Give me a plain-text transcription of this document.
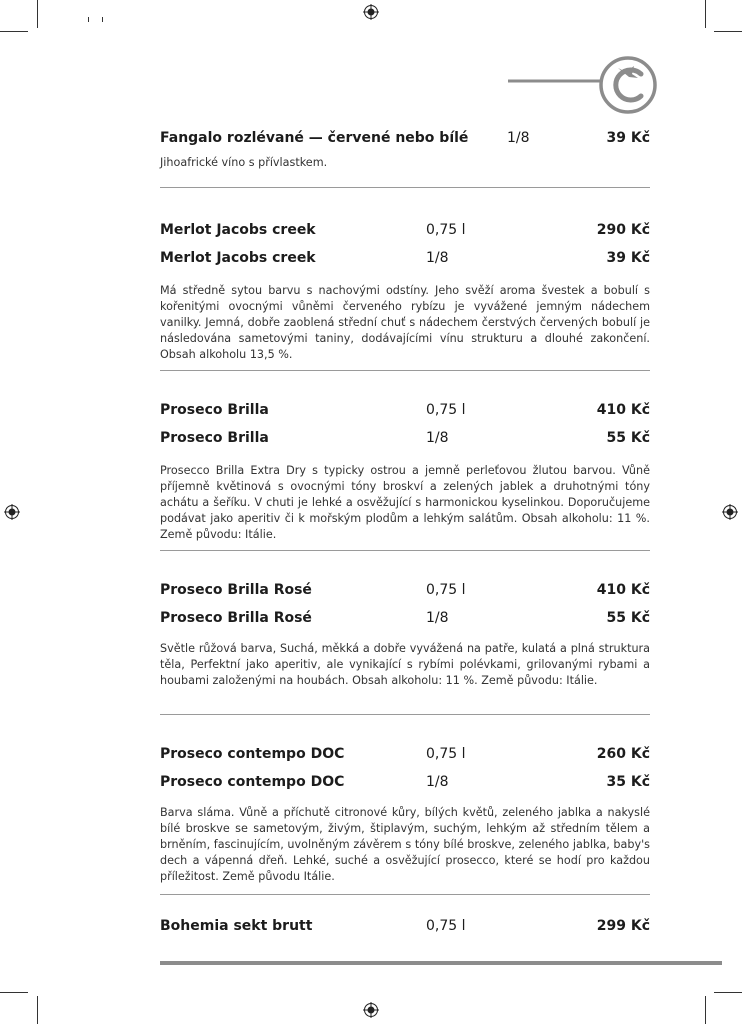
Fangalo rozlévané — červené nebo bílé	1/8	39 Kč
Jihoafrické víno s přívlastkem.
Merlot Jacobs creek	0,75 l	290 Kč
Merlot Jacobs creek	1/8	39 Kč
Má středně sytou barvu s nachovými odstíny. Jeho svěží aroma švestek a bobulí s kořenitými ovocnými vůněmi červeného rybízu je vyvážené jemným nádechem vanilky. Jemná, dobře zaoblená střední chuť s nádechem čerstvých červených bobulí je následována sametovými taniny, dodávajícími vínu strukturu a dlouhé zakončení. Obsah alkoholu 13,5 %.
Proseco Brilla	0,75 l	410 Kč
Proseco Brilla	1/8	55 Kč
Prosecco Brilla Extra Dry s typicky ostrou a jemně perleťovou žlutou barvou. Vůně příjemně květinová s ovocnými tóny broskví a zelených jablek a druhotnými tóny achátu a šeříku. V chuti je lehké a osvěžující s harmonickou kyselinkou. Doporučujeme podávat jako aperitiv či k mořským plodům a lehkým salátům. Obsah alkoholu: 11 %. Země původu: Itálie.
Proseco Brilla Rosé	0,75 l	410 Kč
Proseco Brilla Rosé	1/8	55 Kč
Světle růžová barva, Suchá, měkká a dobře vyvážená na patře, kulatá a plná struktura těla, Perfektní jako aperitiv, ale vynikající s rybími polévkami, grilovanými rybami a houbami založenými na houbách. Obsah alkoholu: 11 %. Země původu: Itálie.
Proseco contempo DOC	0,75 l	260 Kč
Proseco contempo DOC	1/8	35 Kč
Barva sláma. Vůně a příchutě citronové kůry, bílých květů, zeleného jablka a nakyslé bílé broskve se sametovým, živým, štiplavým, suchým, lehkým až středním tělem a brněním, fascinujícím, uvolněným závěrem s tóny bílé broskve, zeleného jablka, baby's dech a vápenná dřeň. Lehké, suché a osvěžující prosecco, které se hodí pro každou příležitost. Země původu Itálie.
Bohemia sekt brutt	0,75 l	299 Kč
